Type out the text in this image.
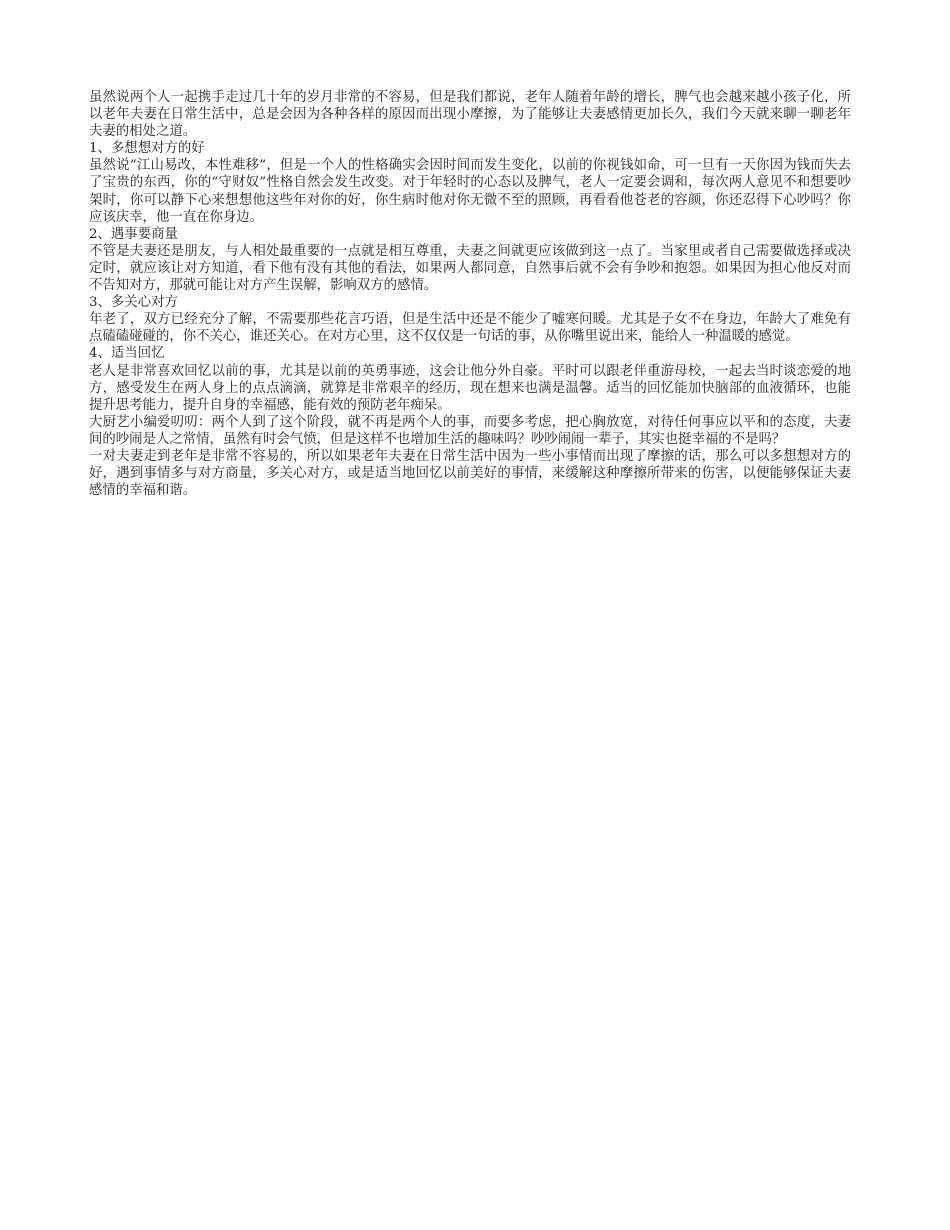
虽然说两个人一起携手走过几十年的岁月非常的不容易，但是我们都说，老年人随着年龄的增长，脾气也会越来越小孩子化，所以老年夫妻在日常生活中，总是会因为各种各样的原因而出现小摩擦，为了能够让夫妻感情更加长久，我们今天就来聊一聊老年夫妻的相处之道。

1、多想想对方的好

虽然说“江山易改，本性难移”，但是一个人的性格确实会因时间而发生变化，以前的你视钱如命，可一旦有一天你因为钱而失去了宝贵的东西，你的“守财奴”性格自然会发生改变。对于年轻时的心态以及脾气，老人一定要会调和，每次两人意见不和想要吵架时，你可以静下心来想想他这些年对你的好，你生病时他对你无微不至的照顾，再看看他苍老的容颜，你还忍得下心吵吗？你应该庆幸，他一直在你身边。

2、遇事要商量

不管是夫妻还是朋友，与人相处最重要的一点就是相互尊重，夫妻之间就更应该做到这一点了。当家里或者自己需要做选择或决定时，就应该让对方知道，看下他有没有其他的看法，如果两人都同意，自然事后就不会有争吵和抱怨。如果因为担心他反对而不告知对方，那就可能让对方产生误解，影响双方的感情。

3、多关心对方

年老了，双方已经充分了解，不需要那些花言巧语，但是生活中还是不能少了嘘寒问暖。尤其是子女不在身边，年龄大了难免有点磕磕碰碰的，你不关心，谁还关心。在对方心里，这不仅仅是一句话的事，从你嘴里说出来，能给人一种温暖的感觉。

4、适当回忆

老人是非常喜欢回忆以前的事，尤其是以前的英勇事迹，这会让他分外自豪。平时可以跟老伴重游母校，一起去当时谈恋爱的地方，感受发生在两人身上的点点滴滴，就算是非常艰辛的经历，现在想来也满是温馨。适当的回忆能加快脑部的血液循环，也能提升思考能力，提升自身的幸福感，能有效的预防老年痴呆。

大厨艺小编爱叨叨：两个人到了这个阶段，就不再是两个人的事，而要多考虑，把心胸放宽，对待任何事应以平和的态度，夫妻间的吵闹是人之常情，虽然有时会气愤，但是这样不也增加生活的趣味吗？吵吵闹闹一辈子，其实也挺幸福的不是吗？

一对夫妻走到老年是非常不容易的，所以如果老年夫妻在日常生活中因为一些小事情而出现了摩擦的话，那么可以多想想对方的好，遇到事情多与对方商量，多关心对方，或是适当地回忆以前美好的事情，来缓解这种摩擦所带来的伤害，以便能够保证夫妻感情的幸福和谐。
